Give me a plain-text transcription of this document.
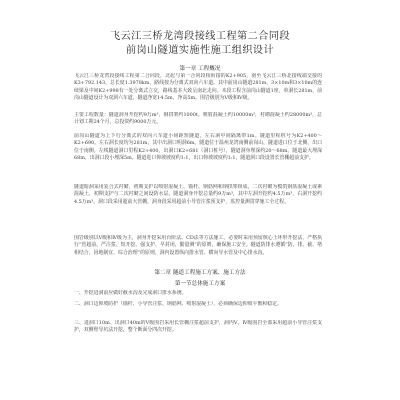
飞云江三桥龙湾段接线工程第二合同段
前岗山隧道实施性施工组织设计
第一章 工程概况

飞云江三桥龙湾段接线工程第二合同段，北起与第一合同段相衔接的K2+905，南至飞云江三桥北接线端交接的K3+792.143，总长度1.3978km，路线按为分离式双向六车道。其中前岗山隧道281m，3×10m和3×10m的连续梁及中间K2+998有一处分离式立交，路线基本大致呈南北走向。本段工程含前岗山隧道1座，单洞长281m，前岗山隧道设计为双洞六车道，隧道净宽14.5m，净高5m。围岩级别为Ⅴ级和Ⅳ级。

主要工程数量：隧道洞身开挖约9万m³，钢拱架约1000t，喷射混凝土约10000m³，衬砌混凝土约28000m³，总计划工期24个月，总投资约9000万元。

前岗山隧道为上下行分离式的双向六车道小间距短隧道，左右洞中间隔离带1m。隧道里程桩号为K2+400～K2+690。左右洞长度均为281m，其中出洞口明洞6m。隧道位于温州龙湾南侧前岗山，隧道进口位于北侧，出口位于南侧。左线隧道洞口里程K2+400，出洞口K2+681（洞口桩号），隧道洞身埋深约20～68m，隧道最大埋深68m，出洞口段小埋深5m。隧道进口仰坡坡度约1:1，出口仰坡坡度约1:1，隧道洞口段设置长管棚超前支护。

隧道暗洞采用复合式衬砌，初期支护以喷射混凝土、锚杆、钢筋网和钢拱架组成，二次衬砌为模筑钢筋混凝土或素混凝土，初期支护与二次衬砌之间设防水层。隧道洞身开挖总量约9万m³，其中左洞开挖约4.5万m³，右洞开挖约4.5万m³。洞口段采用超前大管棚，洞身段采用超前小导管注浆预支护，监控量测贯穿施工全过程。

围岩级别以Ⅴ级和Ⅳ级为主，洞身开挖采用台阶法、CD法等方法施工，必要时采用预留核心土环形开挖法，严格执行“管超前、严注浆、短开挖、强支护、早封闭、勤量测”的原则，确保施工安全。隧道防排水遵循“防、排、截、堵相结合，因地制宜，综合治理”的原则，洞内设置纵向排水管、横向导水管及中心排水沟。

第二章 隧道工程施工方案、施工方法
第一节总体施工方案

一、开挖进洞前应做好截水沟及完成洞口排水系统。

二、洞口边仰坡防护（锚杆、小导管注浆、钢筋网、喷射混凝土），必须确保边仰坡平衡和稳定。

三、进洞口10m、出洞口40m的Ⅴ级围岩采用长管棚注浆超前支护，洞内Ⅴ、Ⅳ级围岩全部采用超前小导管注浆支护，双侧壁导坑法开挖，整个断面分四次开挖。
